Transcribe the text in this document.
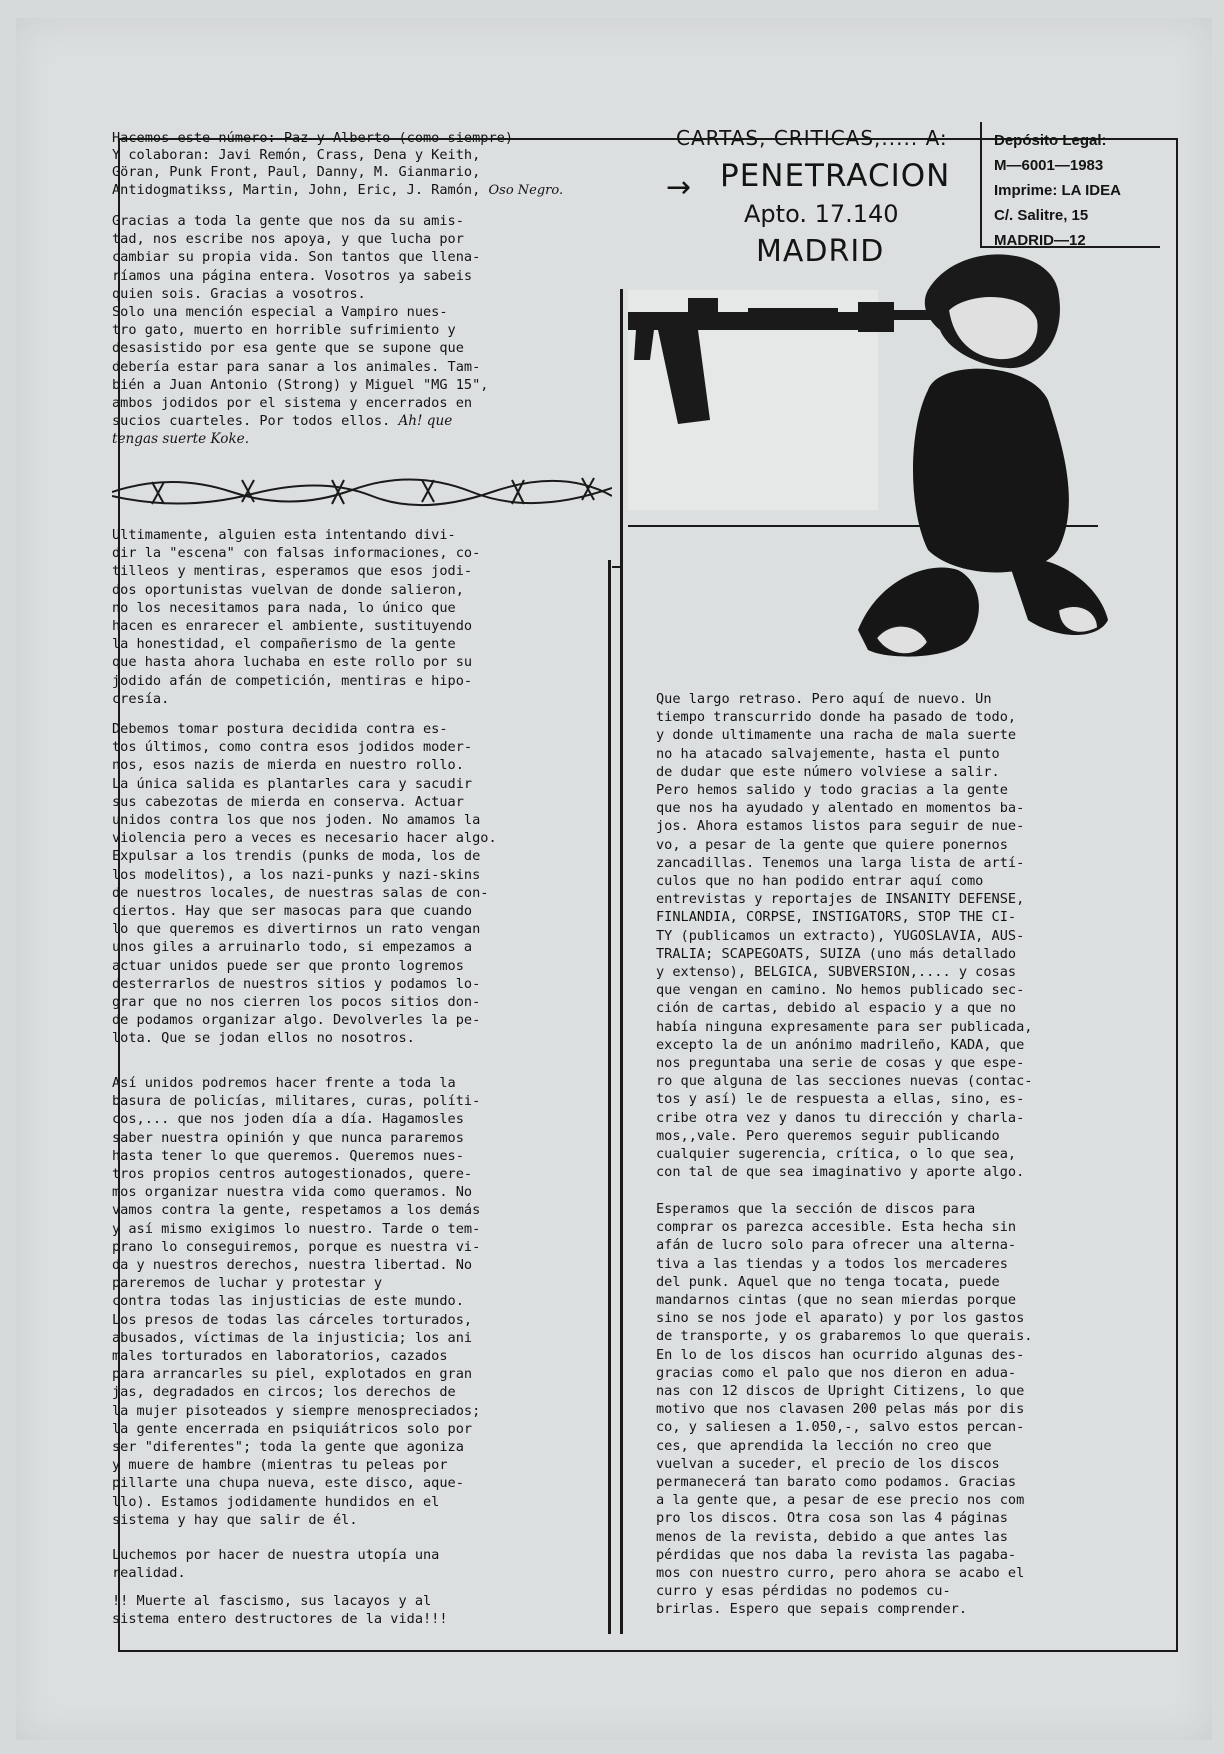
Hacemos este número: Paz y Alberto (como siempre)
Y colaboran: Javi Remón, Crass, Dena y Keith,
Göran, Punk Front, Paul, Danny, M. Gianmario,
Antidogmatikss, Martin, John, Eric, J. Ramón, Oso Negro.
CARTAS, CRITICAS,..... A:
→ PENETRACION
Apto. 17.140
MADRID
Depósito Legal:
M—6001—1983
Imprime: LA IDEA
C/. Salitre, 15
MADRID—12
Gracias a toda la gente que nos da su amis-
tad, nos escribe nos apoya, y que lucha por
cambiar su propia vida. Son tantos que llena-
ríamos una página entera. Vosotros ya sabeis
quien sois. Gracias a vosotros.
Solo una mención especial a Vampiro nues-
tro gato, muerto en horrible sufrimiento y
desasistido por esa gente que se supone que
debería estar para sanar a los animales. Tam-
bién a Juan Antonio (Strong) y Miguel "MG 15",
ambos jodidos por el sistema y encerrados en
sucios cuarteles. Por todos ellos. Ah! que
tengas suerte Koke.
Ultimamente, alguien esta intentando divi-
dir la "escena" con falsas informaciones, co-
tilleos y mentiras, esperamos que esos jodi-
dos oportunistas vuelvan de donde salieron,
no los necesitamos para nada, lo único que
hacen es enrarecer el ambiente, sustituyendo
la honestidad, el compañerismo de la gente
que hasta ahora luchaba en este rollo por su
jodido afán de competición, mentiras e hipo-
cresía.
Debemos tomar postura decidida contra es-
tos últimos, como contra esos jodidos moder-
nos, esos nazis de mierda en nuestro rollo.
La única salida es plantarles cara y sacudir
sus cabezotas de mierda en conserva. Actuar
unidos contra los que nos joden. No amamos la
violencia pero a veces es necesario hacer algo.
Expulsar a los trendis (punks de moda, los de
los modelitos), a los nazi-punks y nazi-skins
de nuestros locales, de nuestras salas de con-
ciertos. Hay que ser masocas para que cuando
lo que queremos es divertirnos un rato vengan
unos giles a arruinarlo todo, si empezamos a
actuar unidos puede ser que pronto logremos
desterrarlos de nuestros sitios y podamos lo-
grar que no nos cierren los pocos sitios don-
de podamos organizar algo. Devolverles la pe-
lota. Que se jodan ellos no nosotros.
Así unidos podremos hacer frente a toda la
basura de policías, militares, curas, políti-
cos,... que nos joden día a día. Hagamosles
saber nuestra opinión y que nunca pararemos
hasta tener lo que queremos. Queremos nues-
tros propios centros autogestionados, quere-
mos organizar nuestra vida como queramos. No
vamos contra la gente, respetamos a los demás
y así mismo exigimos lo nuestro. Tarde o tem-
prano lo conseguiremos, porque es nuestra vi-
da y nuestros derechos, nuestra libertad. No
pareremos de luchar y protestar y
contra todas las injusticias de este mundo.
Los presos de todas las cárceles torturados,
abusados, víctimas de la injusticia; los ani
males torturados en laboratorios, cazados
para arrancarles su piel, explotados en gran
jas, degradados en circos; los derechos de
la mujer pisoteados y siempre menospreciados;
la gente encerrada en psiquiátricos solo por
ser "diferentes"; toda la gente que agoniza
y muere de hambre (mientras tu peleas por
pillarte una chupa nueva, este disco, aque-
llo). Estamos jodidamente hundidos en el
sistema y hay que salir de él.
Luchemos por hacer de nuestra utopía una
realidad.
!! Muerte al fascismo, sus lacayos y al
sistema entero destructores de la vida!!!
Que largo retraso. Pero aquí de nuevo. Un
tiempo transcurrido donde ha pasado de todo,
y donde ultimamente una racha de mala suerte
no ha atacado salvajemente, hasta el punto
de dudar que este número volviese a salir.
Pero hemos salido y todo gracias a la gente
que nos ha ayudado y alentado en momentos ba-
jos. Ahora estamos listos para seguir de nue-
vo, a pesar de la gente que quiere ponernos
zancadillas. Tenemos una larga lista de artí-
culos que no han podido entrar aquí como
entrevistas y reportajes de INSANITY DEFENSE,
FINLANDIA, CORPSE, INSTIGATORS, STOP THE CI-
TY (publicamos un extracto), YUGOSLAVIA, AUS-
TRALIA; SCAPEGOATS, SUIZA (uno más detallado
y extenso), BELGICA, SUBVERSION,.... y cosas
que vengan en camino. No hemos publicado sec-
ción de cartas, debido al espacio y a que no
había ninguna expresamente para ser publicada,
excepto la de un anónimo madrileño, KADA, que
nos preguntaba una serie de cosas y que espe-
ro que alguna de las secciones nuevas (contac-
tos y así) le de respuesta a ellas, sino, es-
cribe otra vez y danos tu dirección y charla-
mos,,vale. Pero queremos seguir publicando
cualquier sugerencia, crítica, o lo que sea,
con tal de que sea imaginativo y aporte algo.
Esperamos que la sección de discos para
comprar os parezca accesible. Esta hecha sin
afán de lucro solo para ofrecer una alterna-
tiva a las tiendas y a todos los mercaderes
del punk. Aquel que no tenga tocata, puede
mandarnos cintas (que no sean mierdas porque
sino se nos jode el aparato) y por los gastos
de transporte, y os grabaremos lo que querais.
En lo de los discos han ocurrido algunas des-
gracias como el palo que nos dieron en adua-
nas con 12 discos de Upright Citizens, lo que
motivo que nos clavasen 200 pelas más por dis
co, y saliesen a 1.050,-, salvo estos percan-
ces, que aprendida la lección no creo que
vuelvan a suceder, el precio de los discos
permanecerá tan barato como podamos. Gracias
a la gente que, a pesar de ese precio nos com
pro los discos. Otra cosa son las 4 páginas
menos de la revista, debido a que antes las
pérdidas que nos daba la revista las pagaba-
mos con nuestro curro, pero ahora se acabo el
curro y esas pérdidas no podemos cu-
brirlas. Espero que sepais comprender.
